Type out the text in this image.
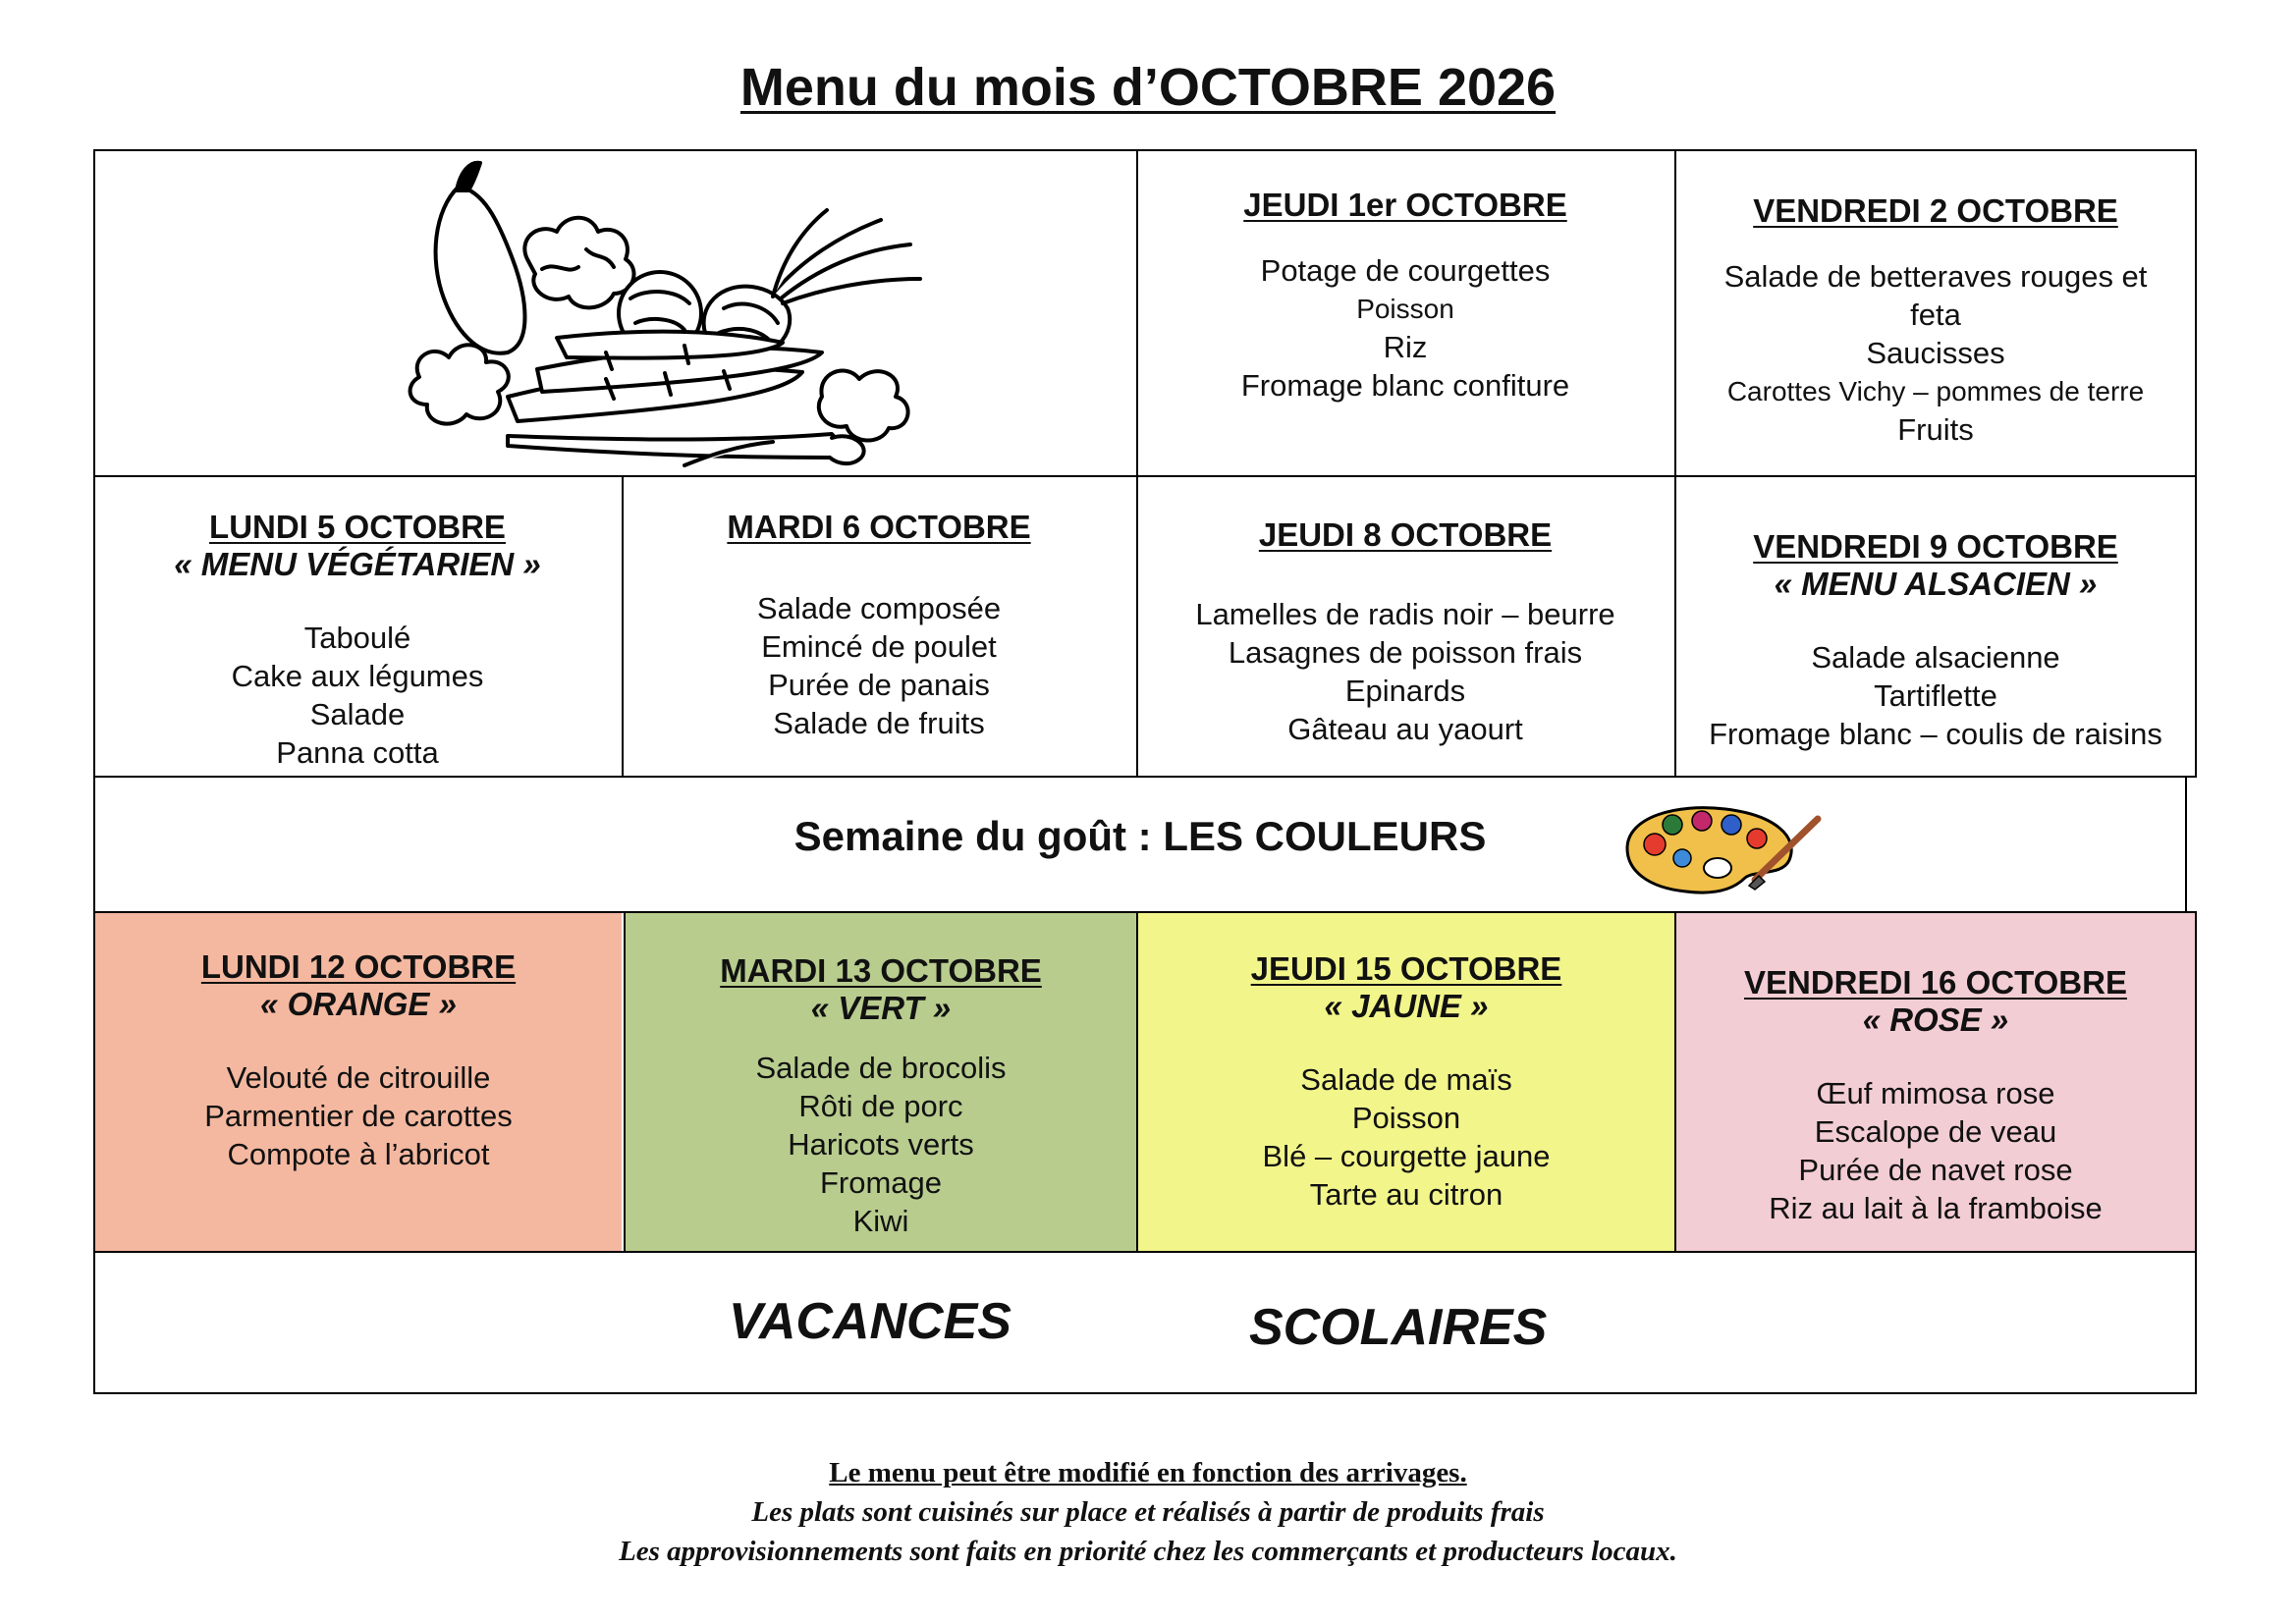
Menu du mois d’OCTOBRE 2026
JEUDI 1er OCTOBRE
Potage de courgettes
Poisson
Riz
Fromage blanc confiture
VENDREDI 2 OCTOBRE
Salade de betteraves rouges et
feta
Saucisses
Carottes Vichy – pommes de terre
Fruits
LUNDI 5 OCTOBRE
« MENU VÉGÉTARIEN »
Taboulé
Cake aux légumes
Salade
Panna cotta
MARDI 6 OCTOBRE
Salade composée
Emincé de poulet
Purée de panais
Salade de fruits
JEUDI 8 OCTOBRE
Lamelles de radis noir – beurre
Lasagnes de poisson frais
Epinards
Gâteau au yaourt
VENDREDI 9 OCTOBRE
« MENU ALSACIEN »
Salade alsacienne
Tartiflette
Fromage blanc – coulis de raisins
Semaine du goût : LES COULEURS
LUNDI 12 OCTOBRE
« ORANGE »
Velouté de citrouille
Parmentier de carottes
Compote à l’abricot
MARDI 13 OCTOBRE
« VERT »
Salade de brocolis
Rôti de porc
Haricots verts
Fromage
Kiwi
JEUDI 15 OCTOBRE
« JAUNE »
Salade de maïs
Poisson
Blé – courgette jaune
Tarte au citron
VENDREDI 16 OCTOBRE
« ROSE »
Œuf mimosa rose
Escalope de veau
Purée de navet rose
Riz au lait à la framboise
VACANCES	SCOLAIRES
Le menu peut être modifié en fonction des arrivages.
Les plats sont cuisinés sur place et réalisés à partir de produits frais
Les approvisionnements sont faits en priorité chez les commerçants et producteurs locaux.
